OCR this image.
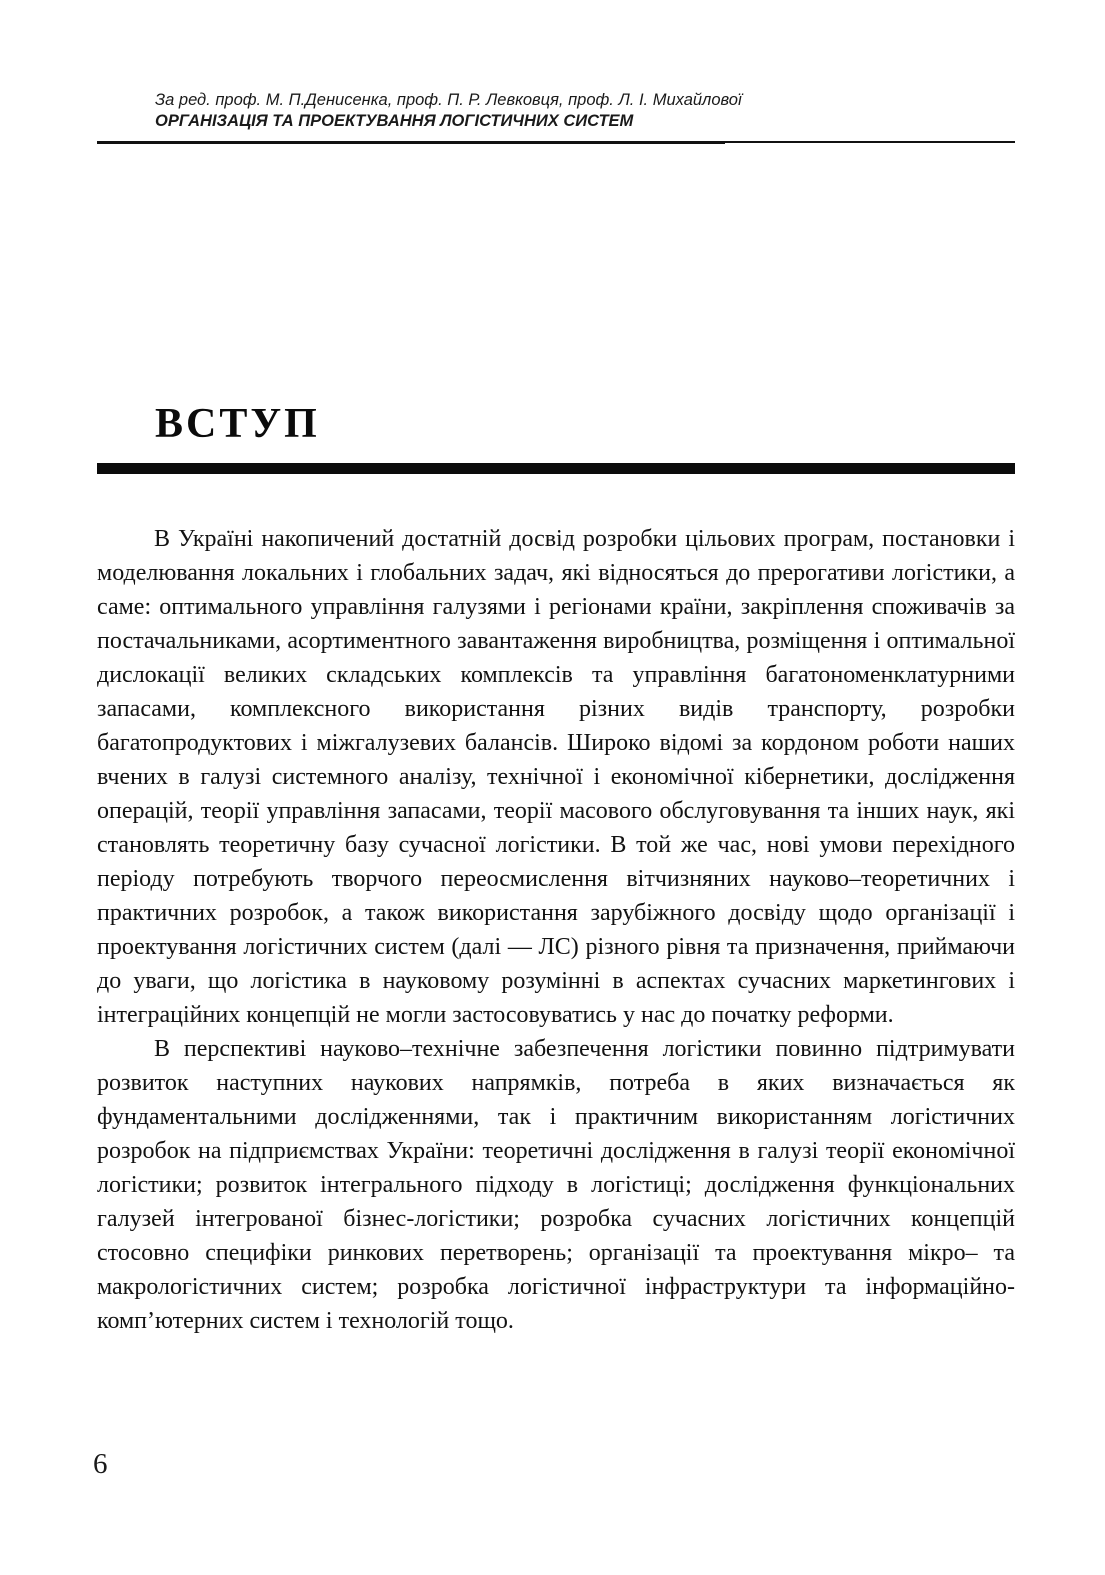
За ред. проф. М. П.Денисенка, проф. П. Р. Левковця, проф. Л. І. Михайлової
ОРГАНІЗАЦІЯ ТА ПРОЕКТУВАННЯ ЛОГІСТИЧНИХ СИСТЕМ
ВСТУП

В Україні накопичений достатній досвід розробки цільових програм, постановки і моделювання локальних і глобальних задач, які відносяться до прерогативи логістики, а саме: оптимального управління галузями і регіонами країни, закріплення споживачів за постачальниками, асортиментного завантаження виробництва, розміщення і оптимальної дислокації великих складських комплексів та управління багатономенклатурними запасами, комплексного використання різних видів транспорту, розробки багатопродуктових і міжгалузевих балансів. Широко відомі за кордоном роботи наших вчених в галузі системного аналізу, технічної і економічної кібернетики, дослідження операцій, теорії управління запасами, теорії масового обслуговування та інших наук, які становлять теоретичну базу сучасної логістики. В той же час, нові умови перехідного періоду потребують творчого переосмислення вітчизняних науково–теоретичних і практичних розробок, а також використання зарубіжного досвіду щодо організації і проектування логістичних систем (далі — ЛС) різного рівня та призначення, приймаючи до уваги, що логістика в науковому розумінні в аспектах сучасних маркетингових і інтеграційних концепцій не могли застосовуватись у нас до початку реформи.

В перспективі науково–технічне забезпечення логістики повинно підтримувати розвиток наступних наукових напрямків, потреба в яких визначається як фундаментальними дослідженнями, так і практичним використанням логістичних розробок на підприємствах України: теоретичні дослідження в галузі теорії економічної логістики; розвиток інтегрального підходу в логістиці; дослідження функціональних галузей інтегрованої бізнес-логістики; розробка сучасних логістичних концепцій стосовно специфіки ринкових перетворень; організації та проектування мікро– та макрологістичних систем; розробка логістичної інфраструктури та інформаційно-комп’ютерних систем і технологій тощо.

6
